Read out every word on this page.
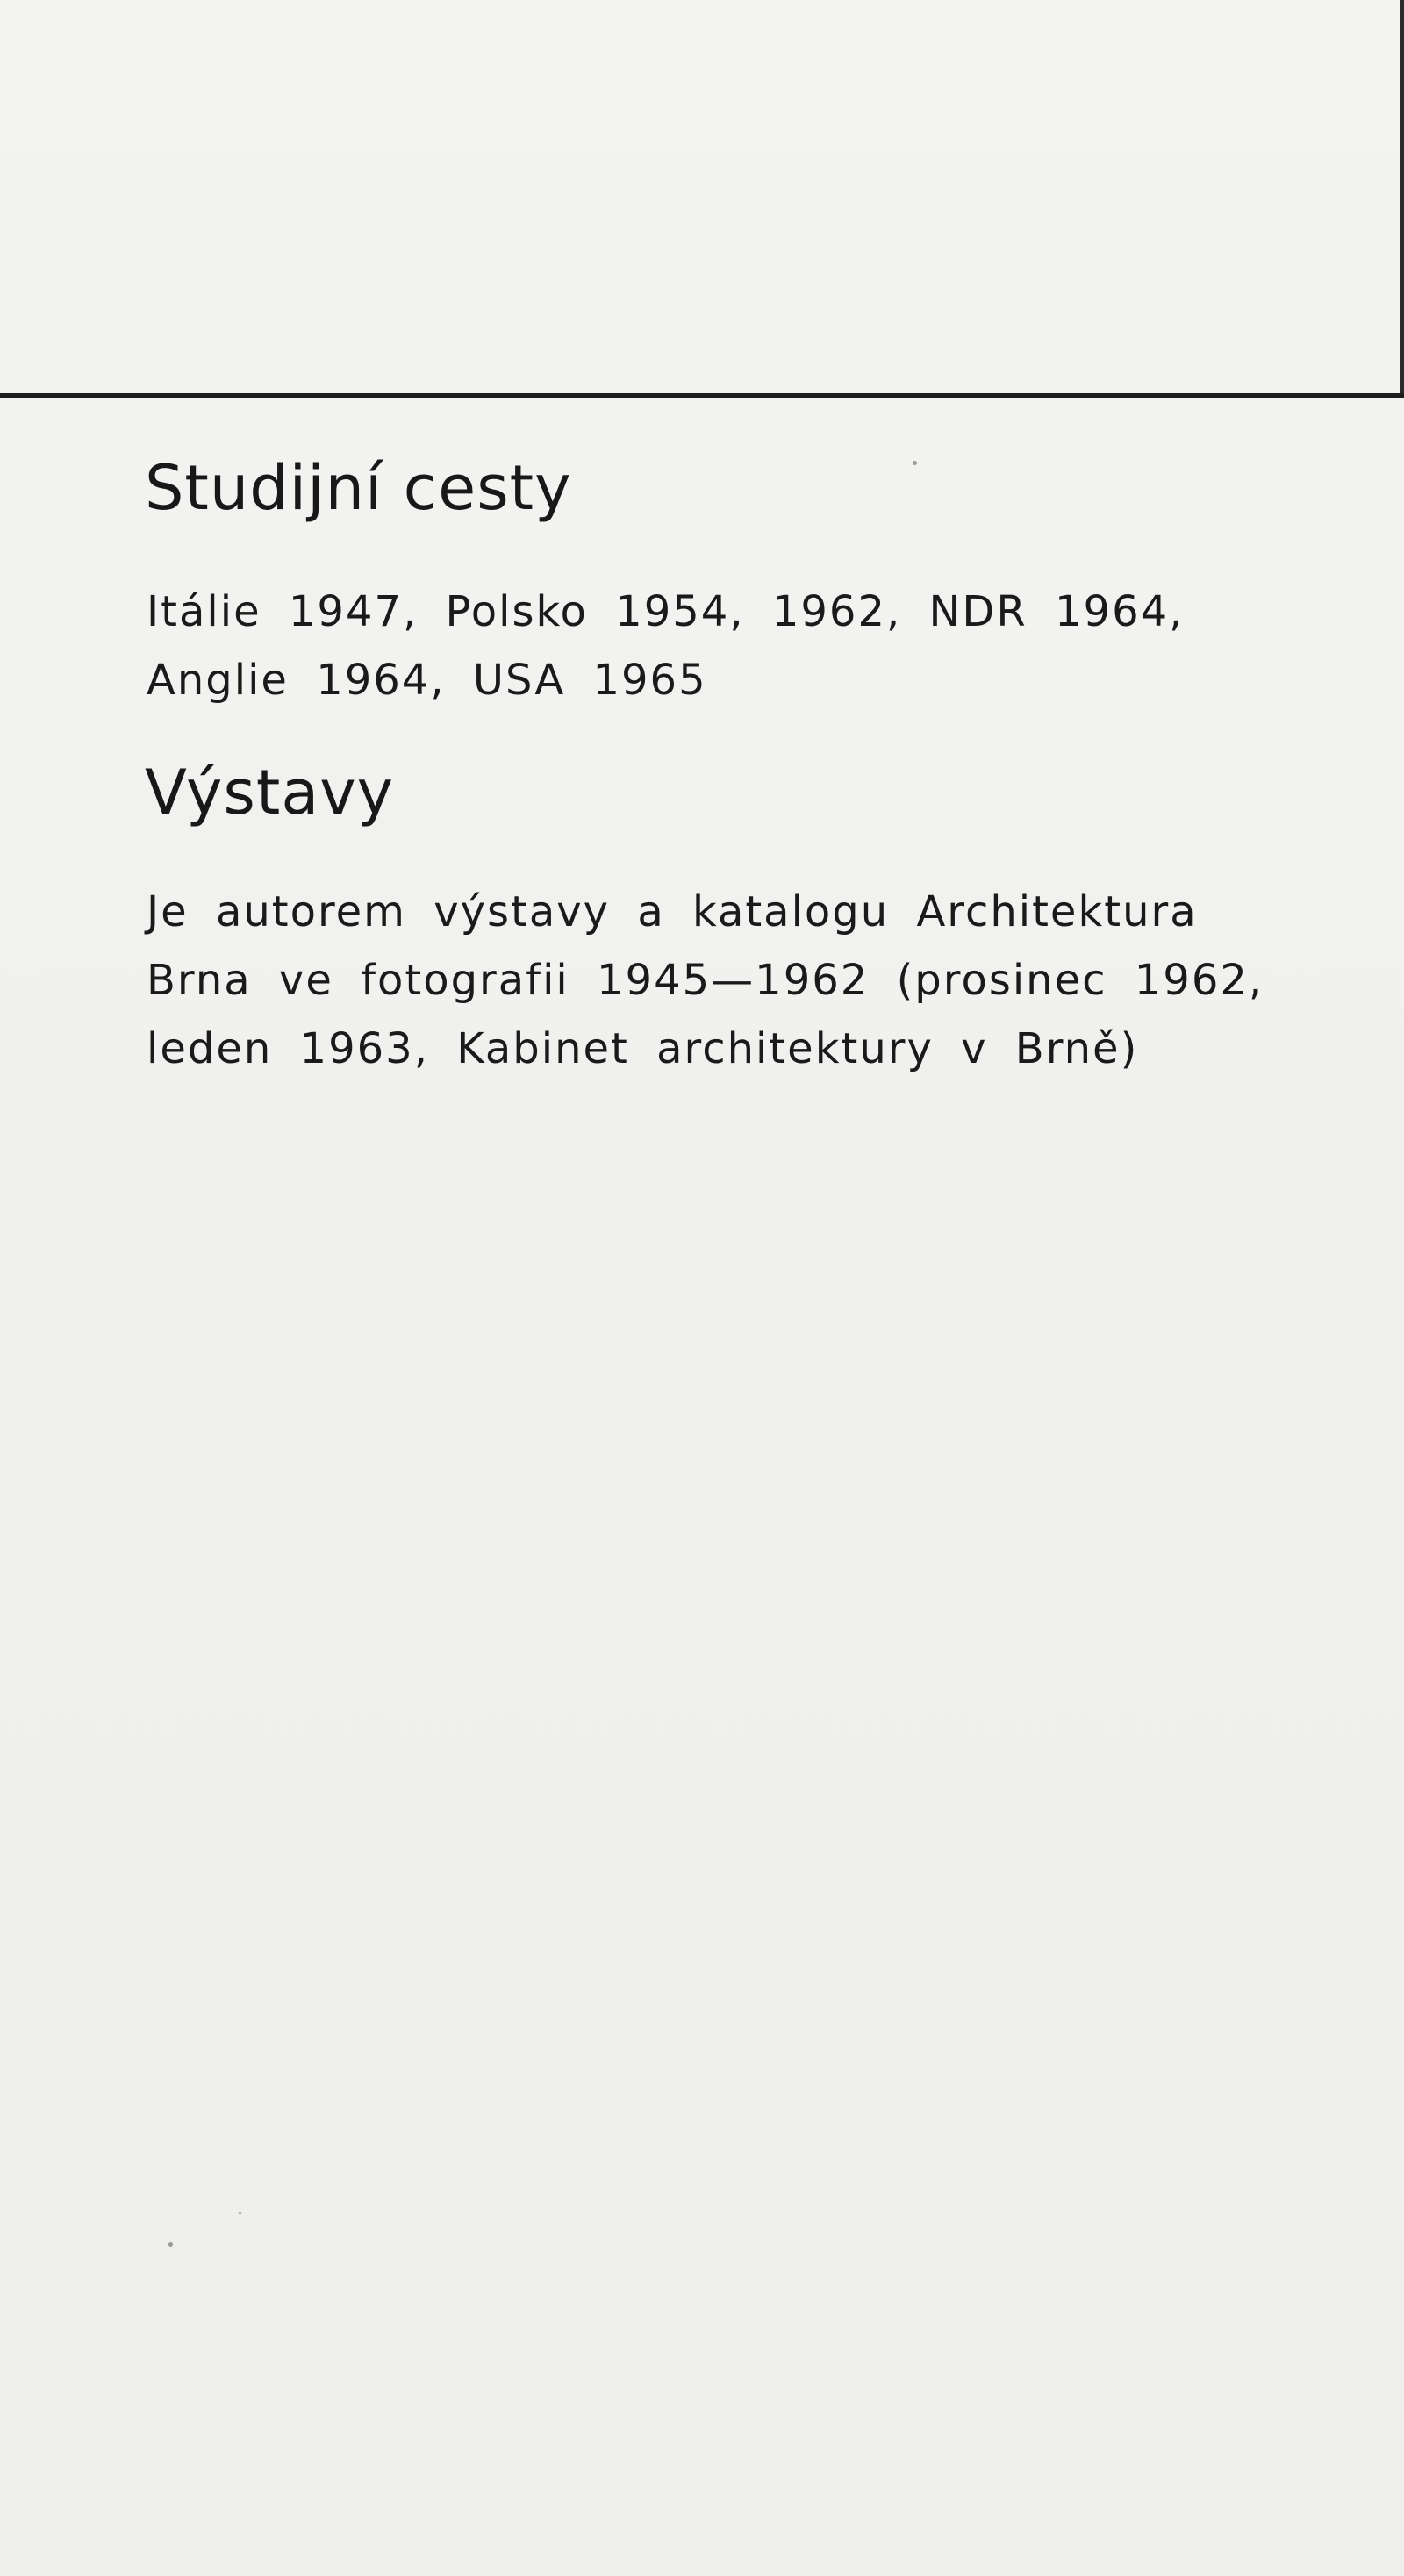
Studijní cesty

Itálie 1947, Polsko 1954, 1962, NDR 1964,
Anglie 1964, USA 1965

Výstavy

Je autorem výstavy a katalogu Architektura
Brna ve fotografii 1945—1962 (prosinec 1962,
leden 1963, Kabinet architektury v Brně)
